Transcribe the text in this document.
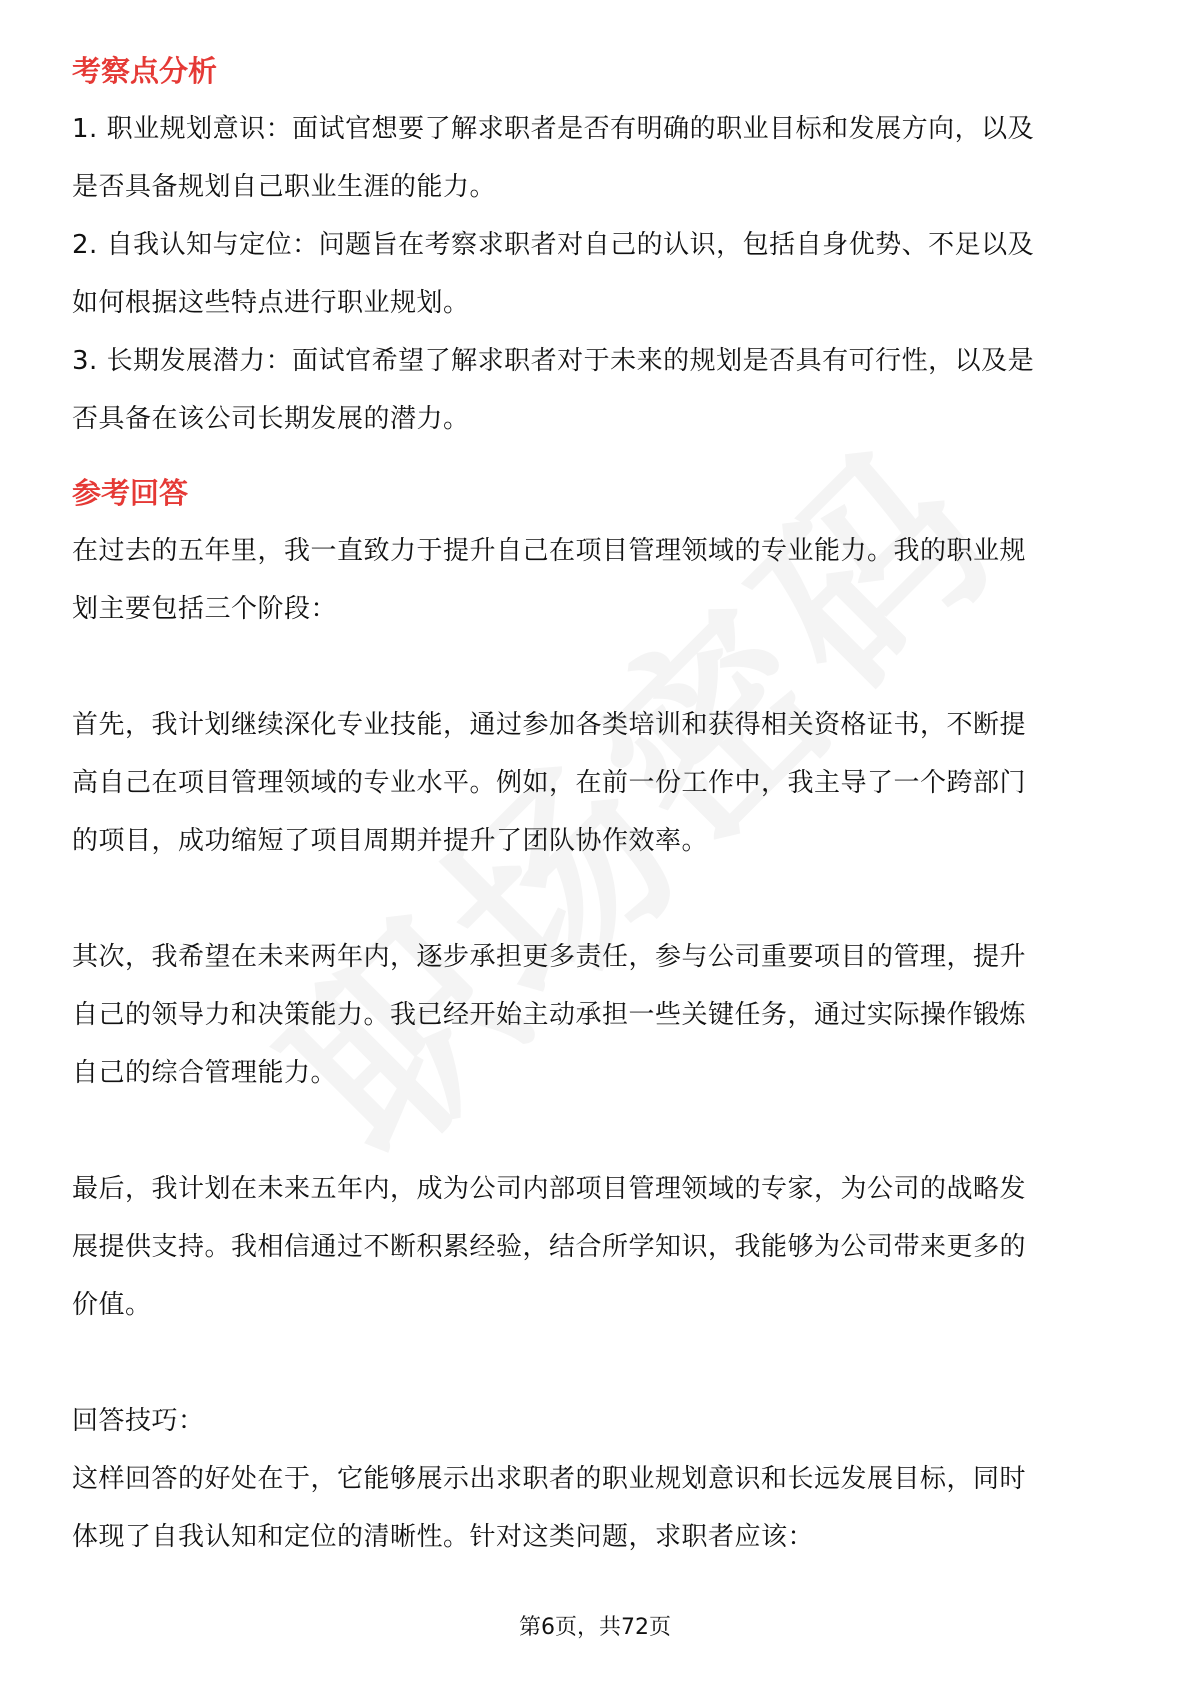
考察点分析

1. 职业规划意识：面试官想要了解求职者是否有明确的职业目标和发展方向，以及

是否具备规划自己职业生涯的能力。

2. 自我认知与定位：问题旨在考察求职者对自己的认识，包括自身优势、不足以及

如何根据这些特点进行职业规划。

3. 长期发展潜力：面试官希望了解求职者对于未来的规划是否具有可行性，以及是

否具备在该公司长期发展的潜力。

参考回答

在过去的五年里，我一直致力于提升自己在项目管理领域的专业能力。我的职业规

划主要包括三个阶段：

首先，我计划继续深化专业技能，通过参加各类培训和获得相关资格证书，不断提

高自己在项目管理领域的专业水平。例如，在前一份工作中，我主导了一个跨部门

的项目，成功缩短了项目周期并提升了团队协作效率。

其次，我希望在未来两年内，逐步承担更多责任，参与公司重要项目的管理，提升

自己的领导力和决策能力。我已经开始主动承担一些关键任务，通过实际操作锻炼

自己的综合管理能力。

最后，我计划在未来五年内，成为公司内部项目管理领域的专家，为公司的战略发

展提供支持。我相信通过不断积累经验，结合所学知识，我能够为公司带来更多的

价值。

回答技巧：

这样回答的好处在于，它能够展示出求职者的职业规划意识和长远发展目标，同时

体现了自我认知和定位的清晰性。针对这类问题，求职者应该：

第6页，共72页
